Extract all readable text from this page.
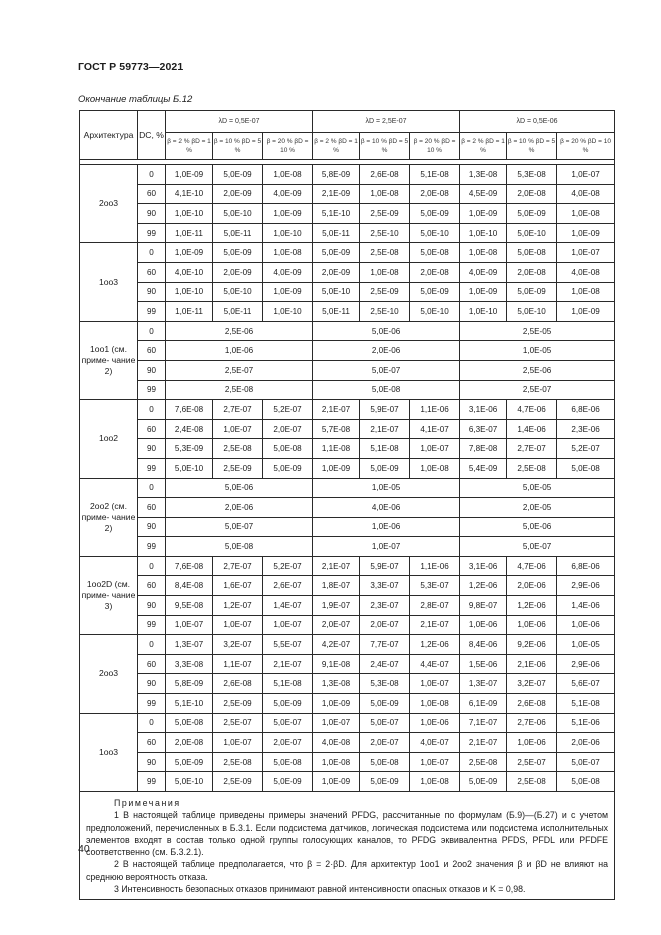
ГОСТ Р 59773—2021
Окончание таблицы Б.12
Архитектура	DC, %	λD = 0,5E-07			λD = 2,5E-07			λD = 0,5E-06		
		β = 2 % βD = 1 %	β = 10 % βD = 5 %	β = 20 % βD = 10 %	β = 2 % βD = 1 %	β = 10 % βD = 5 %	β = 20 % βD = 10 %	β = 2 % βD = 1 %	β = 10 % βD = 5 %	β = 20 % βD = 10 %

2oo3	0	1,0E-09	5,0E-09	1,0E-08	5,8E-09	2,6E-08	5,1E-08	1,3E-08	5,3E-08	1,0E-07
	60	4,1E-10	2,0E-09	4,0E-09	2,1E-09	1,0E-08	2,0E-08	4,5E-09	2,0E-08	4,0E-08
	90	1,0E-10	5,0E-10	1,0E-09	5,1E-10	2,5E-09	5,0E-09	1,0E-09	5,0E-09	1,0E-08
	99	1,0E-11	5,0E-11	1,0E-10	5,0E-11	2,5E-10	5,0E-10	1,0E-10	5,0E-10	1,0E-09
1oo3	0	1,0E-09	5,0E-09	1,0E-08	5,0E-09	2,5E-08	5,0E-08	1,0E-08	5,0E-08	1,0E-07
	60	4,0E-10	2,0E-09	4,0E-09	2,0E-09	1,0E-08	2,0E-08	4,0E-09	2,0E-08	4,0E-08
	90	1,0E-10	5,0E-10	1,0E-09	5,0E-10	2,5E-09	5,0E-09	1,0E-09	5,0E-09	1,0E-08
	99	1,0E-11	5,0E-11	1,0E-10	5,0E-11	2,5E-10	5,0E-10	1,0E-10	5,0E-10	1,0E-09
1oo1 (см. приме- чание 2)	0	2,5E-06			5,0E-06			2,5E-05		
	60	1,0E-06			2,0E-06			1,0E-05		
	90	2,5E-07			5,0E-07			2,5E-06		
	99	2,5E-08			5,0E-08			2,5E-07		
1oo2	0	7,6E-08	2,7E-07	5,2E-07	2,1E-07	5,9E-07	1,1E-06	3,1E-06	4,7E-06	6,8E-06
	60	2,4E-08	1,0E-07	2,0E-07	5,7E-08	2,1E-07	4,1E-07	6,3E-07	1,4E-06	2,3E-06
	90	5,3E-09	2,5E-08	5,0E-08	1,1E-08	5,1E-08	1,0E-07	7,8E-08	2,7E-07	5,2E-07
	99	5,0E-10	2,5E-09	5,0E-09	1,0E-09	5,0E-09	1,0E-08	5,4E-09	2,5E-08	5,0E-08
2oo2 (см. приме- чание 2)	0	5,0E-06			1,0E-05			5,0E-05		
	60	2,0E-06			4,0E-06			2,0E-05		
	90	5,0E-07			1,0E-06			5,0E-06		
	99	5,0E-08			1,0E-07			5,0E-07		
1oo2D (см. приме- чание 3)	0	7,6E-08	2,7E-07	5,2E-07	2,1E-07	5,9E-07	1,1E-06	3,1E-06	4,7E-06	6,8E-06
	60	8,4E-08	1,6E-07	2,6E-07	1,8E-07	3,3E-07	5,3E-07	1,2E-06	2,0E-06	2,9E-06
	90	9,5E-08	1,2E-07	1,4E-07	1,9E-07	2,3E-07	2,8E-07	9,8E-07	1,2E-06	1,4E-06
	99	1,0E-07	1,0E-07	1,0E-07	2,0E-07	2,0E-07	2,1E-07	1,0E-06	1,0E-06	1,0E-06
2oo3	0	1,3E-07	3,2E-07	5,5E-07	4,2E-07	7,7E-07	1,2E-06	8,4E-06	9,2E-06	1,0E-05
	60	3,3E-08	1,1E-07	2,1E-07	9,1E-08	2,4E-07	4,4E-07	1,5E-06	2,1E-06	2,9E-06
	90	5,8E-09	2,6E-08	5,1E-08	1,3E-08	5,3E-08	1,0E-07	1,3E-07	3,2E-07	5,6E-07
	99	5,1E-10	2,5E-09	5,0E-09	1,0E-09	5,0E-09	1,0E-08	6,1E-09	2,6E-08	5,1E-08
1oo3	0	5,0E-08	2,5E-07	5,0E-07	1,0E-07	5,0E-07	1,0E-06	7,1E-07	2,7E-06	5,1E-06
	60	2,0E-08	1,0E-07	2,0E-07	4,0E-08	2,0E-07	4,0E-07	2,1E-07	1,0E-06	2,0E-06
	90	5,0E-09	2,5E-08	5,0E-08	1,0E-08	5,0E-08	1,0E-07	2,5E-08	2,5E-07	5,0E-07
	99	5,0E-10	2,5E-09	5,0E-09	1,0E-09	5,0E-09	1,0E-08	5,0E-09	2,5E-08	5,0E-08

Примечания

1 В настоящей таблице приведены примеры значений PFDG, рассчитанные по формулам (Б.9)—(Б.27) и с учетом предположений, перечисленных в Б.3.1. Если подсистема датчиков, логическая подсистема или подсистема исполнительных элементов входят в состав только одной группы голосующих каналов, то PFDG эквивалентна PFDS, PFDL или PFDFE соответственно (см. Б.3.2.1).

2 В настоящей таблице предполагается, что β = 2·βD. Для архитектур 1oo1 и 2oo2 значения β и βD не влияют на среднюю вероятность отказа.

3 Интенсивность безопасных отказов принимают равной интенсивности опасных отказов и K = 0,98.										

40
